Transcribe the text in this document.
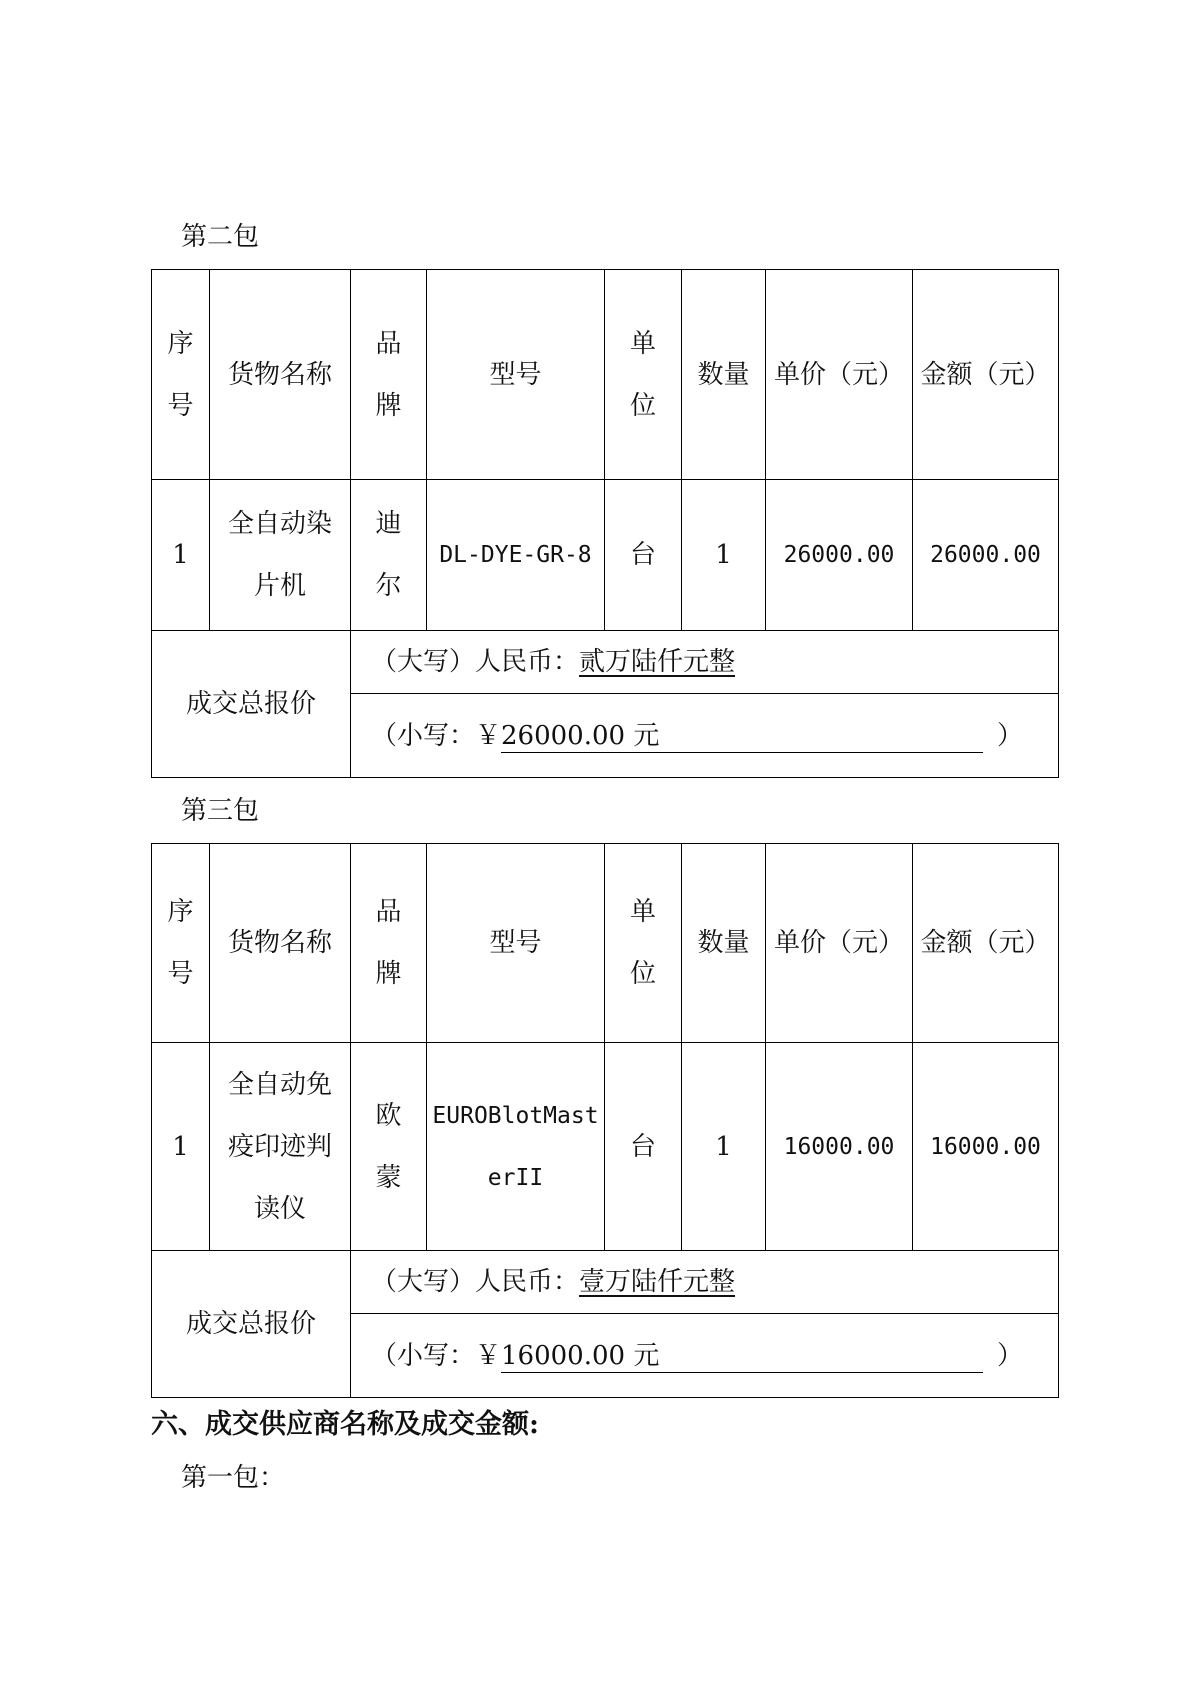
第二包
序号	货物名称	品牌	型号	单位	数量	单价（元）	金额（元）
1	全自动染片机	迪尔	DL-DYE-GR-8	台	1	26000.00	26000.00
成交总报价		（大写）人民币：贰万陆仟元整					
		（小写：￥26000.00 元 ）					
第三包
序号	货物名称	品牌	型号	单位	数量	单价（元）	金额（元）
1	全自动免疫印迹判读仪	欧蒙	EUROBlotMasterII	台	1	16000.00	16000.00
成交总报价		（大写）人民币：壹万陆仟元整					
		（小写：￥16000.00 元 ）					
六、成交供应商名称及成交金额:
第一包：
